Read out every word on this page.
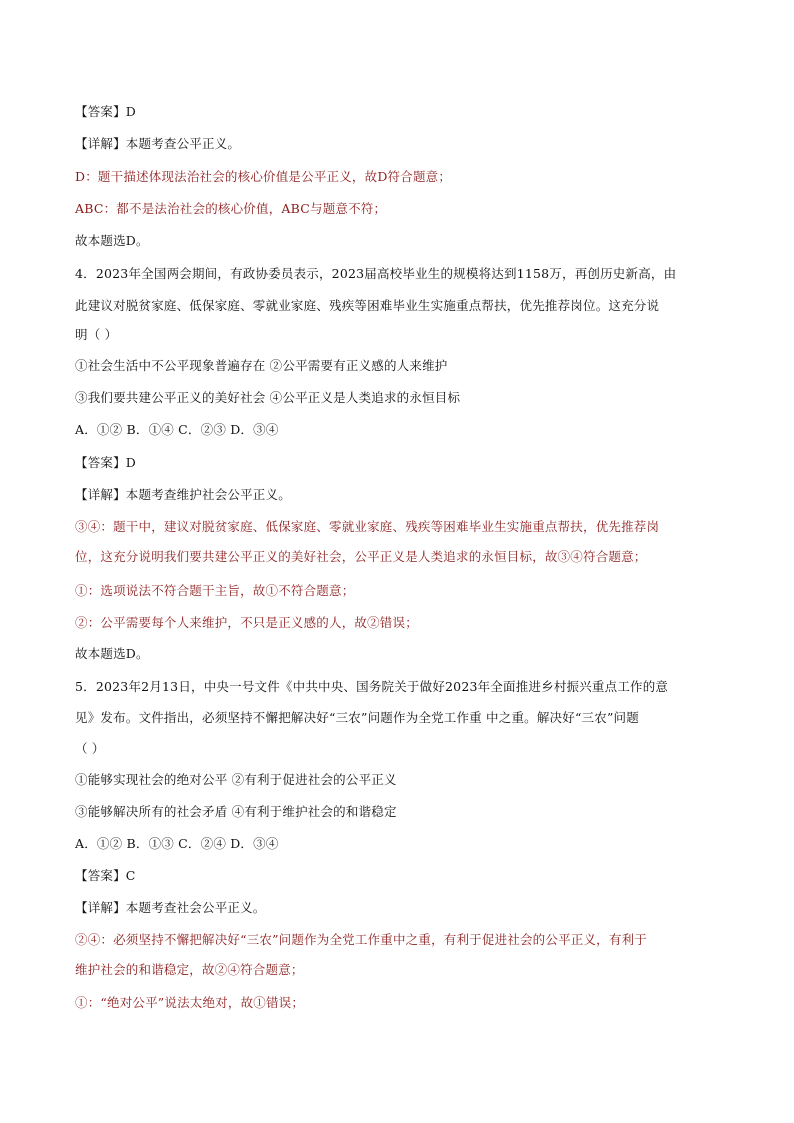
【答案】D
【详解】本题考查公平正义。
D：题干描述体现法治社会的核心价值是公平正义，故D符合题意；
ABC：都不是法治社会的核心价值，ABC与题意不符；
故本题选D。
4．2023年全国两会期间，有政协委员表示，2023届高校毕业生的规模将达到1158万，再创历史新高，由
此建议对脱贫家庭、低保家庭、零就业家庭、残疾等困难毕业生实施重点帮扶，优先推荐岗位。这充分说
明（ ）
①社会生活中不公平现象普遍存在 ②公平需要有正义感的人来维护
③我们要共建公平正义的美好社会 ④公平正义是人类追求的永恒目标
A．①② B．①④ C．②③ D．③④
【答案】D
【详解】本题考查维护社会公平正义。
③④：题干中，建议对脱贫家庭、低保家庭、零就业家庭、残疾等困难毕业生实施重点帮扶，优先推荐岗
位，这充分说明我们要共建公平正义的美好社会，公平正义是人类追求的永恒目标，故③④符合题意；
①：选项说法不符合题干主旨，故①不符合题意；
②：公平需要每个人来维护，不只是正义感的人，故②错误；
故本题选D。
5．2023年2月13日，中央一号文件《中共中央、国务院关于做好2023年全面推进乡村振兴重点工作的意
见》发布。文件指出，必须坚持不懈把解决好“三农”问题作为全党工作重 中之重。解决好“三农”问题
（ ）
①能够实现社会的绝对公平 ②有利于促进社会的公平正义
③能够解决所有的社会矛盾 ④有利于维护社会的和谐稳定
A．①② B．①③ C．②④ D．③④
【答案】C
【详解】本题考查社会公平正义。
②④：必须坚持不懈把解决好“三农”问题作为全党工作重中之重，有利于促进社会的公平正义，有利于
维护社会的和谐稳定，故②④符合题意；
①：“绝对公平”说法太绝对，故①错误；
